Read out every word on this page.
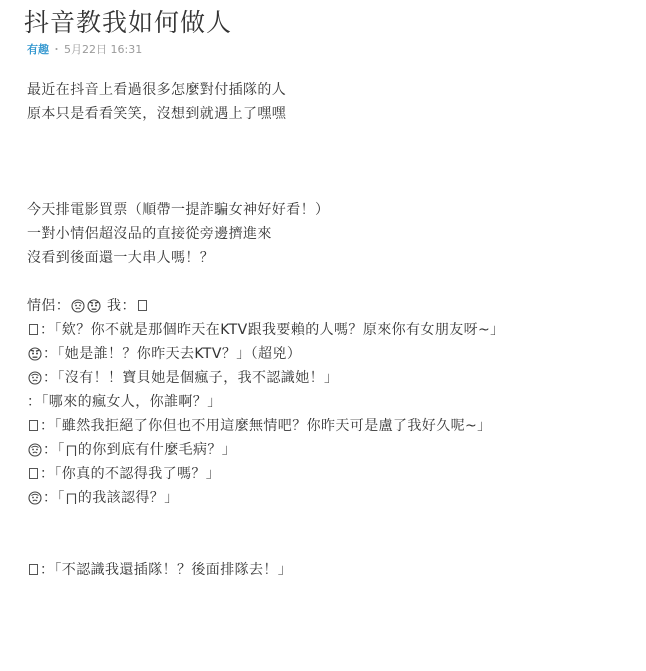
抖音教我如何做人
有趣 ・ 5月22日 16:31
最近在抖音上看過很多怎麼對付插隊的人
原本只是看看笑笑，沒想到就遇上了嘿嘿
今天排電影買票（順帶一提詐騙女神好好看！）
一對小情侶超沒品的直接從旁邊擠進來
沒看到後面還一大串人嗎！？
情侶： 我：
：「欸？你不就是那個昨天在KTV跟我要賴的人嗎？原來你有女朋友呀~」
：「她是誰！？你昨天去KTV？」（超兇）
：「沒有！！寶貝她是個瘋子，我不認識她！」
：「哪來的瘋女人，你誰啊？」
：「雖然我拒絕了你但也不用這麼無情吧？你昨天可是盧了我好久呢~」
：「 的你到底有什麼毛病？」
：「你真的不認得我了嗎？」
：「 的我該認得？」
：「不認識我還插隊！？後面排隊去！」
